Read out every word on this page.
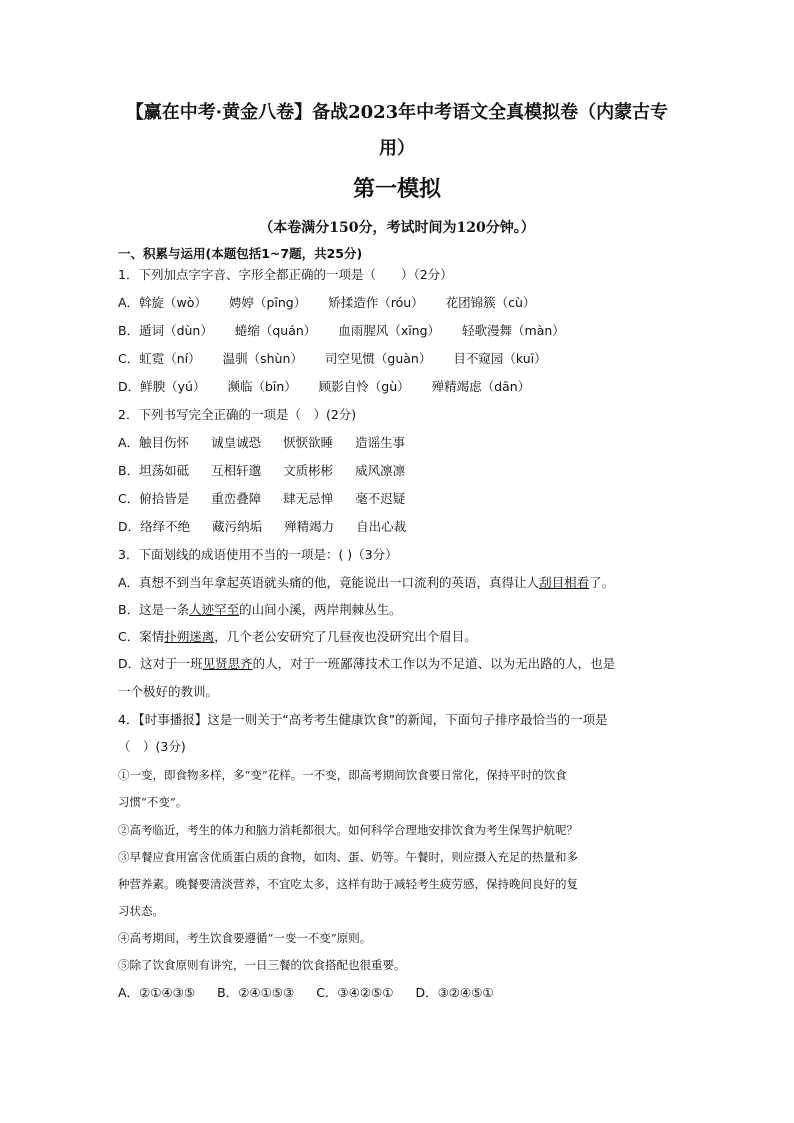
【赢在中考·黄金八卷】备战2023年中考语文全真模拟卷（内蒙古专
用）
第一模拟
（本卷满分150分，考试时间为120分钟。）
一、积累与运用(本题包括1~7题，共25分)
1．下列加点字字音、字形全都正确的一项是（　　）（2分）
A．斡旋（wò） 娉婷（pīng） 矫揉造作（róu） 花团锦簇（cù）
B．遁词（dùn） 蜷缩（quán） 血雨腥风（xīng） 轻歌漫舞（màn）
C．虹霓（ní） 温驯（shùn） 司空见惯（guàn） 目不窥园（kuī）
D．鲜腴（yú） 濒临（bīn） 顾影自怜（gù） 殚精竭虑（dān）
2．下列书写完全正确的一项是（　）(2分)
A．触目伤怀 诚皇诚恐 恹恹欲睡 造谣生事
B．坦荡如砥 互相轩邈 文质彬彬 威风凛凛
C．俯拾皆是 重峦叠障 肆无忌惮 毫不迟疑
D．络绎不绝 藏污纳垢 殚精竭力 自出心裁
3．下面划线的成语使用不当的一项是：( )（3分）
A．真想不到当年拿起英语就头痛的他，竟能说出一口流利的英语，真得让人刮目相看了。
B．这是一条人迹罕至的山间小溪，两岸荆棘丛生。
C．案情扑朔迷离，几个老公安研究了几昼夜也没研究出个眉目。
D．这对于一班见贤思齐的人，对于一班鄙薄技术工作以为不足道、以为无出路的人，也是
一个极好的教训。
4．【时事播报】这是一则关于“高考考生健康饮食”的新闻，下面句子排序最恰当的一项是
（　）(3分)
①一变，即食物多样，多“变”花样。一不变，即高考期间饮食要日常化，保持平时的饮食
习惯“不变”。
②高考临近，考生的体力和脑力消耗都很大。如何科学合理地安排饮食为考生保驾护航呢？
③早餐应食用富含优质蛋白质的食物，如肉、蛋、奶等。午餐时，则应摄入充足的热量和多
种营养素。晚餐要清淡营养，不宜吃太多，这样有助于减轻考生疲劳感，保持晚间良好的复
习状态。
④高考期间，考生饮食要遵循“一变一不变”原则。
⑤除了饮食原则有讲究，一日三餐的饮食搭配也很重要。
A．②①④③⑤ B．②④①⑤③ C．③④②⑤① D．③②④⑤①
